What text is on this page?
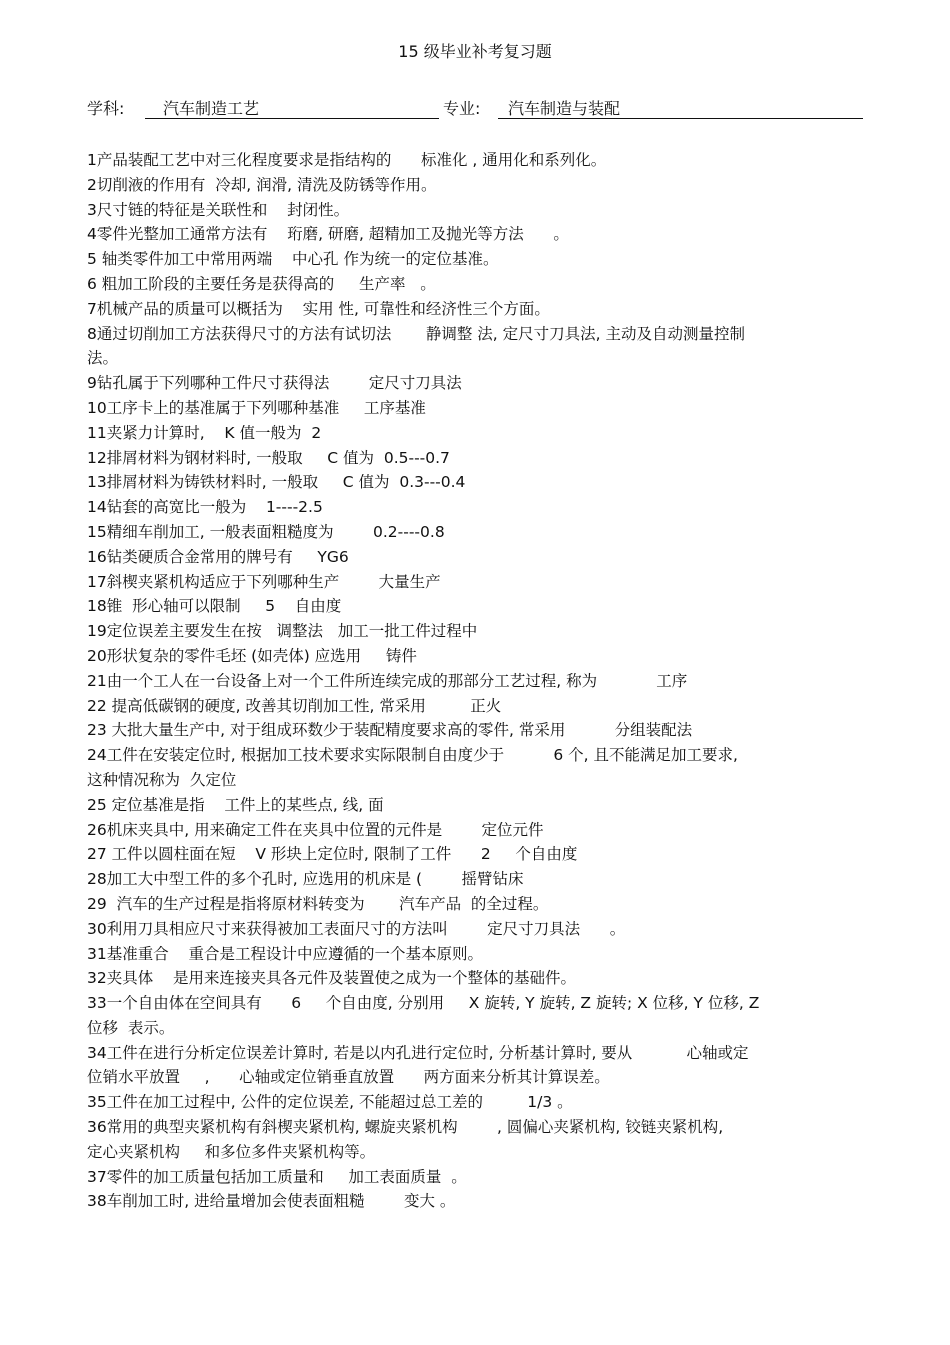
15 级毕业补考复习题
学科:	汽车制造工艺	专业:	汽车制造与装配
1产品装配工艺中对三化程度要求是指结构的      标准化 , 通用化和系列化。
2切削液的作用有  冷却, 润滑, 清洗及防锈等作用。
3尺寸链的特征是关联性和    封闭性。
4零件光整加工通常方法有    珩磨, 研磨, 超精加工及抛光等方法      。
5 轴类零件加工中常用两端    中心孔 作为统一的定位基准。
6 粗加工阶段的主要任务是获得高的     生产率   。
7机械产品的质量可以概括为    实用 性, 可靠性和经济性三个方面。
8通过切削加工方法获得尺寸的方法有试切法       静调整 法, 定尺寸刀具法, 主动及自动测量控制
法。
9钻孔属于下列哪种工件尺寸获得法        定尺寸刀具法
10工序卡上的基准属于下列哪种基准     工序基准
11夹紧力计算时,    K 值一般为  2
12排屑材料为钢材料时, 一般取     C 值为  0.5---0.7
13排屑材料为铸铁材料时, 一般取     C 值为  0.3---0.4
14钻套的高宽比一般为    1----2.5
15精细车削加工, 一般表面粗糙度为        0.2----0.8
16钻类硬质合金常用的牌号有     YG6
17斜楔夹紧机构适应于下列哪种生产        大量生产
18锥  形心轴可以限制     5    自由度
19定位误差主要发生在按   调整法   加工一批工件过程中
20形状复杂的零件毛坯 (如壳体) 应选用     铸件
21由一个工人在一台设备上对一个工件所连续完成的那部分工艺过程, 称为            工序
22 提高低碳钢的硬度, 改善其切削加工性, 常采用         正火
23 大批大量生产中, 对于组成环数少于装配精度要求高的零件, 常采用          分组装配法
24工件在安装定位时, 根据加工技术要求实际限制自由度少于          6 个, 且不能满足加工要求,
这种情况称为  久定位
25 定位基准是指    工件上的某些点, 线, 面
26机床夹具中, 用来确定工件在夹具中位置的元件是        定位元件
27 工件以圆柱面在短    V 形块上定位时, 限制了工件      2     个自由度
28加工大中型工件的多个孔时, 应选用的机床是 (        摇臂钻床
29  汽车的生产过程是指将原材料转变为       汽车产品  的全过程。
30利用刀具相应尺寸来获得被加工表面尺寸的方法叫        定尺寸刀具法      。
31基准重合    重合是工程设计中应遵循的一个基本原则。
32夹具体    是用来连接夹具各元件及装置使之成为一个整体的基础件。
33一个自由体在空间具有      6     个自由度, 分别用     X 旋转, Y 旋转, Z 旋转; X 位移, Y 位移, Z
位移  表示。
34工件在进行分析定位误差计算时, 若是以内孔进行定位时, 分析基计算时, 要从           心轴或定
位销水平放置     ,      心轴或定位销垂直放置      两方面来分析其计算误差。
35工件在加工过程中, 公件的定位误差, 不能超过总工差的         1/3 。
36常用的典型夹紧机构有斜楔夹紧机构, 螺旋夹紧机构        , 圆偏心夹紧机构, 铰链夹紧机构,
定心夹紧机构     和多位多件夹紧机构等。
37零件的加工质量包括加工质量和     加工表面质量  。
38车削加工时, 进给量增加会使表面粗糙        变大 。
